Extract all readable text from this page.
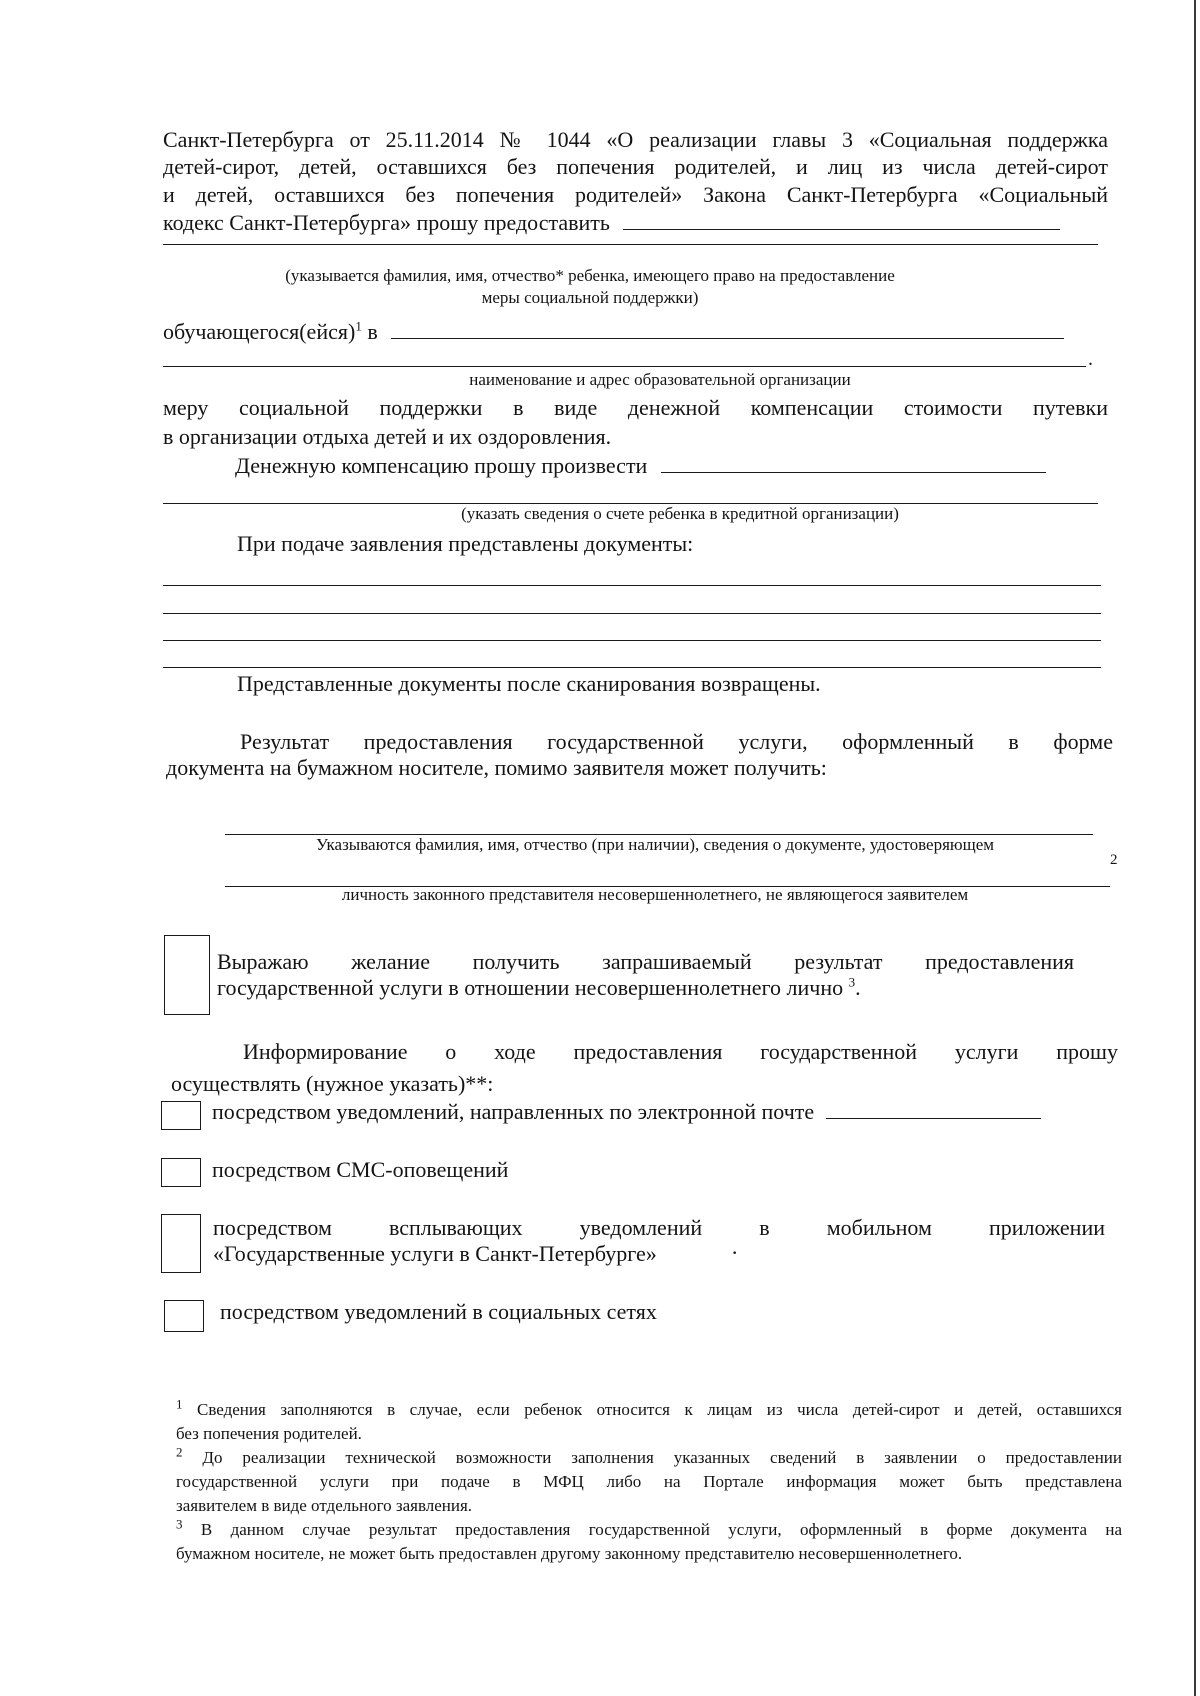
Санкт-Петербурга от 25.11.2014 № 1044 «О реализации главы 3 «Социальная поддержка
детей-сирот, детей, оставшихся без попечения родителей, и лиц из числа детей-сирот
и детей, оставшихся без попечения родителей» Закона Санкт-Петербурга «Социальный
кодекс Санкт-Петербурга» прошу предоставить
(указывается фамилия, имя, отчество* ребенка, имеющего право на предоставление
меры социальной поддержки)
обучающегося(ейся)$^1$ в
.
наименование и адрес образовательной организации
меру социальной поддержки в виде денежной компенсации стоимости путевки
в организации отдыха детей и их оздоровления.
Денежную компенсацию прошу произвести
(указать сведения о счете ребенка в кредитной организации)
При подаче заявления представлены документы:
Представленные документы после сканирования возвращены.
Результат предоставления государственной услуги, оформленный в форме
документа на бумажном носителе, помимо заявителя может получить:
Указываются фамилия, имя, отчество (при наличии), сведения о документе, удостоверяющем
2
личность законного представителя несовершеннолетнего, не являющегося заявителем
Выражаю желание получить запрашиваемый результат предоставления
государственной услуги в отношении несовершеннолетнего лично $^3$.
Информирование о ходе предоставления государственной услуги прошу
осуществлять (нужное указать)**:
посредством уведомлений, направленных по электронной почте
посредством СМС-оповещений
посредством всплывающих уведомлений в мобильном приложении
«Государственные услуги в Санкт-Петербурге»	·
посредством уведомлений в социальных сетях
$^1$ Сведения заполняются в случае, если ребенок относится к лицам из числа детей-сирот и детей, оставшихся
без попечения родителей.
$^2$ До реализации технической возможности заполнения указанных сведений в заявлении о предоставлении
государственной услуги при подаче в МФЦ либо на Портале информация может быть представлена
заявителем в виде отдельного заявления.
$^3$ В данном случае результат предоставления государственной услуги, оформленный в форме документа на
бумажном носителе, не может быть предоставлен другому законному представителю несовершеннолетнего.
